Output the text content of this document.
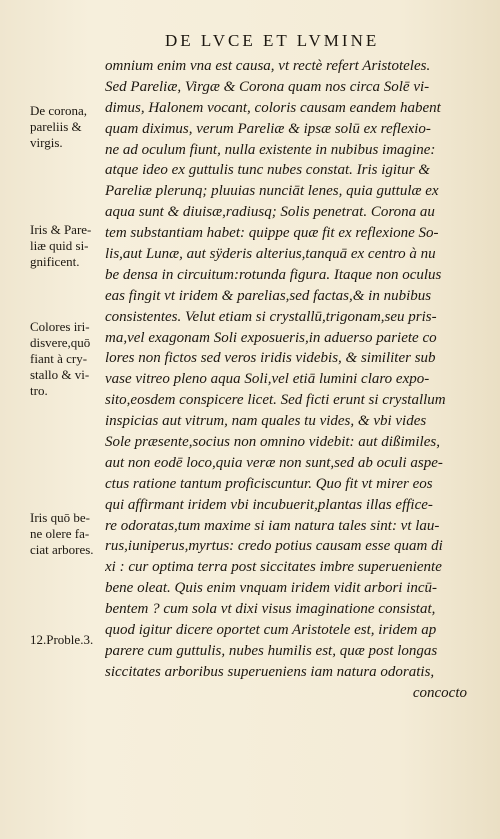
DE LVCE ET LVMINE
De corona,
pareliis &
virgis.
Iris & Pare-
liæ quid si-
gnificent.
Colores iri-
disvere,quō
fiant à cry-
stallo & vi-
tro.
Iris quō be-
ne olere fa-
ciat arbores.
12.Proble.3.
omnium enim vna est causa, vt rectè refert Aristoteles.
Sed Pareliæ, Virgæ & Corona quam nos circa Solē vi-
dimus, Halonem vocant, coloris causam eandem habent
quam diximus, verum Pareliæ & ipsæ solū ex reflexio-
ne ad oculum fiunt, nulla existente in nubibus imagine:
atque ideo ex guttulis tunc nubes constat. Iris igitur &
Pareliæ plerunq; pluuias nunciāt lenes, quia guttulæ ex
aqua sunt & diuisæ,radiusq; Solis penetrat. Corona au
tem substantiam habet: quippe quæ fit ex reflexione So-
lis,aut Lunæ, aut sÿderis alterius,tanquā ex centro à nu
be densa in circuitum:rotunda figura. Itaque non oculus
eas fingit vt iridem & parelias,sed factas,& in nubibus
consistentes. Velut etiam si crystallū,trigonam,seu pris-
ma,vel exagonam Soli exposueris,in aduerso pariete co
lores non fictos sed veros iridis videbis, & similiter sub
vase vitreo pleno aqua Soli,vel etiā lumini claro expo-
sito,eosdem conspicere licet. Sed ficti erunt si crystallum
inspicias aut vitrum, nam quales tu vides, & vbi vides
Sole præsente,socius non omnino videbit: aut dißimiles,
aut non eodē loco,quia veræ non sunt,sed ab oculi aspe-
ctus ratione tantum proficiscuntur. Quo fit vt mirer eos
qui affirmant iridem vbi incubuerit,plantas illas effice-
re odoratas,tum maxime si iam natura tales sint: vt lau-
rus,iuniperus,myrtus: credo potius causam esse quam di
xi : cur optima terra post siccitates imbre superueniente
bene oleat. Quis enim vnquam iridem vidit arbori incū-
bentem ? cum sola vt dixi visus imaginatione consistat,
quod igitur dicere oportet cum Aristotele est, iridem ap
parere cum guttulis, nubes humilis est, quæ post longas
siccitates arboribus superueniens iam natura odoratis,
concocto
